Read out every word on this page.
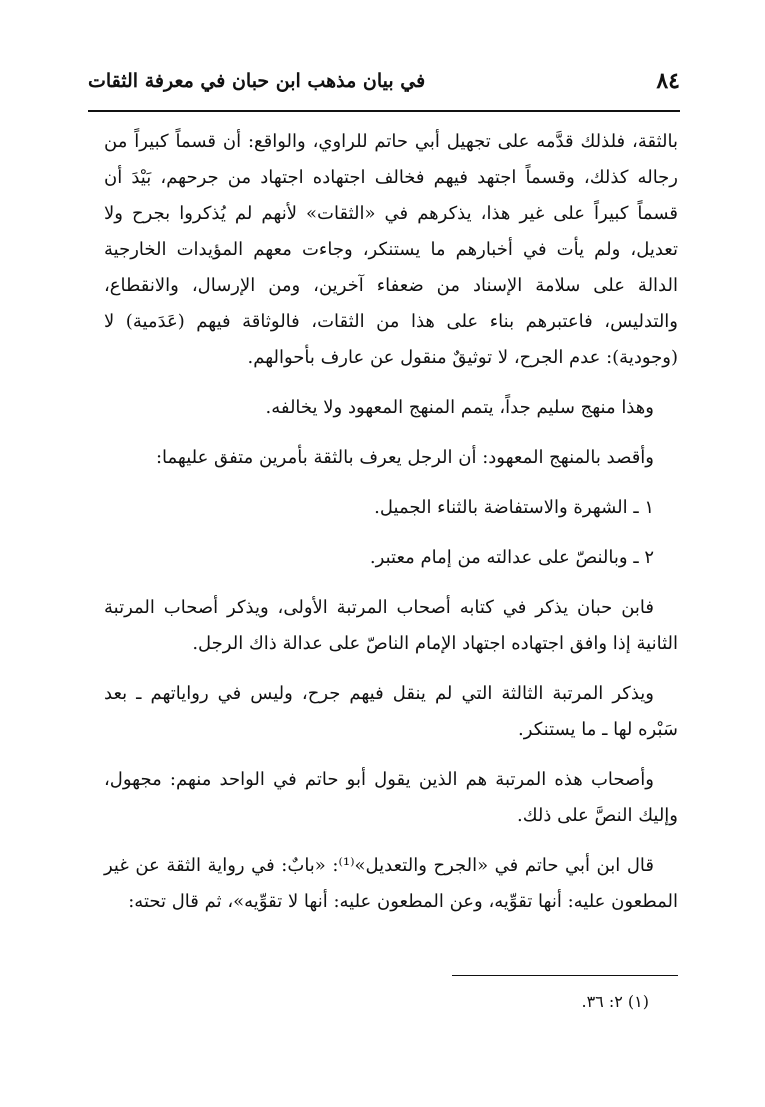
٨٤
في بيان مذهب ابن حبان في معرفة الثقات

بالثقة، فلذلك قدَّمه على تجهيل أبي حاتم للراوي، والواقع: أن قسماً كبيراً من رجاله كذلك، وقسماً اجتهد فيهم فخالف اجتهاده اجتهاد من جرحهم، بَيْدَ أن قسماً كبيراً على غير هذا، يذكرهم في «الثقات» لأنهم لم يُذكروا بجرح ولا تعديل، ولم يأت في أخبارهم ما يستنكر، وجاءت معهم المؤيدات الخارجية الدالة على سلامة الإسناد من ضعفاء آخرين، ومن الإرسال، والانقطاع، والتدليس، فاعتبرهم بناء على هذا من الثقات، فالوثاقة فيهم (عَدَمية) لا (وجودية): عدم الجرح، لا توثيقٌ منقول عن عارف بأحوالهم.

وهذا منهج سليم جداً، يتمم المنهج المعهود ولا يخالفه.

وأقصد بالمنهج المعهود: أن الرجل يعرف بالثقة بأمرين متفق عليهما:

١ ـ الشهرة والاستفاضة بالثناء الجميل.

٢ ـ وبالنصّ على عدالته من إمام معتبر.

فابن حبان يذكر في كتابه أصحاب المرتبة الأولى، ويذكر أصحاب المرتبة الثانية إذا وافق اجتهاده اجتهاد الإمام الناصّ على عدالة ذاك الرجل.

ويذكر المرتبة الثالثة التي لم ينقل فيهم جرح، وليس في رواياتهم ـ بعد سَبْره لها ـ ما يستنكر.

وأصحاب هذه المرتبة هم الذين يقول أبو حاتم في الواحد منهم: مجهول، وإليك النصَّ على ذلك.

قال ابن أبي حاتم في «الجرح والتعديل»⁽¹⁾: «بابٌ: في رواية الثقة عن غير المطعون عليه: أنها تقوِّيه، وعن المطعون عليه: أنها لا تقوِّيه»، ثم قال تحته:

(١) ٢: ٣٦.
